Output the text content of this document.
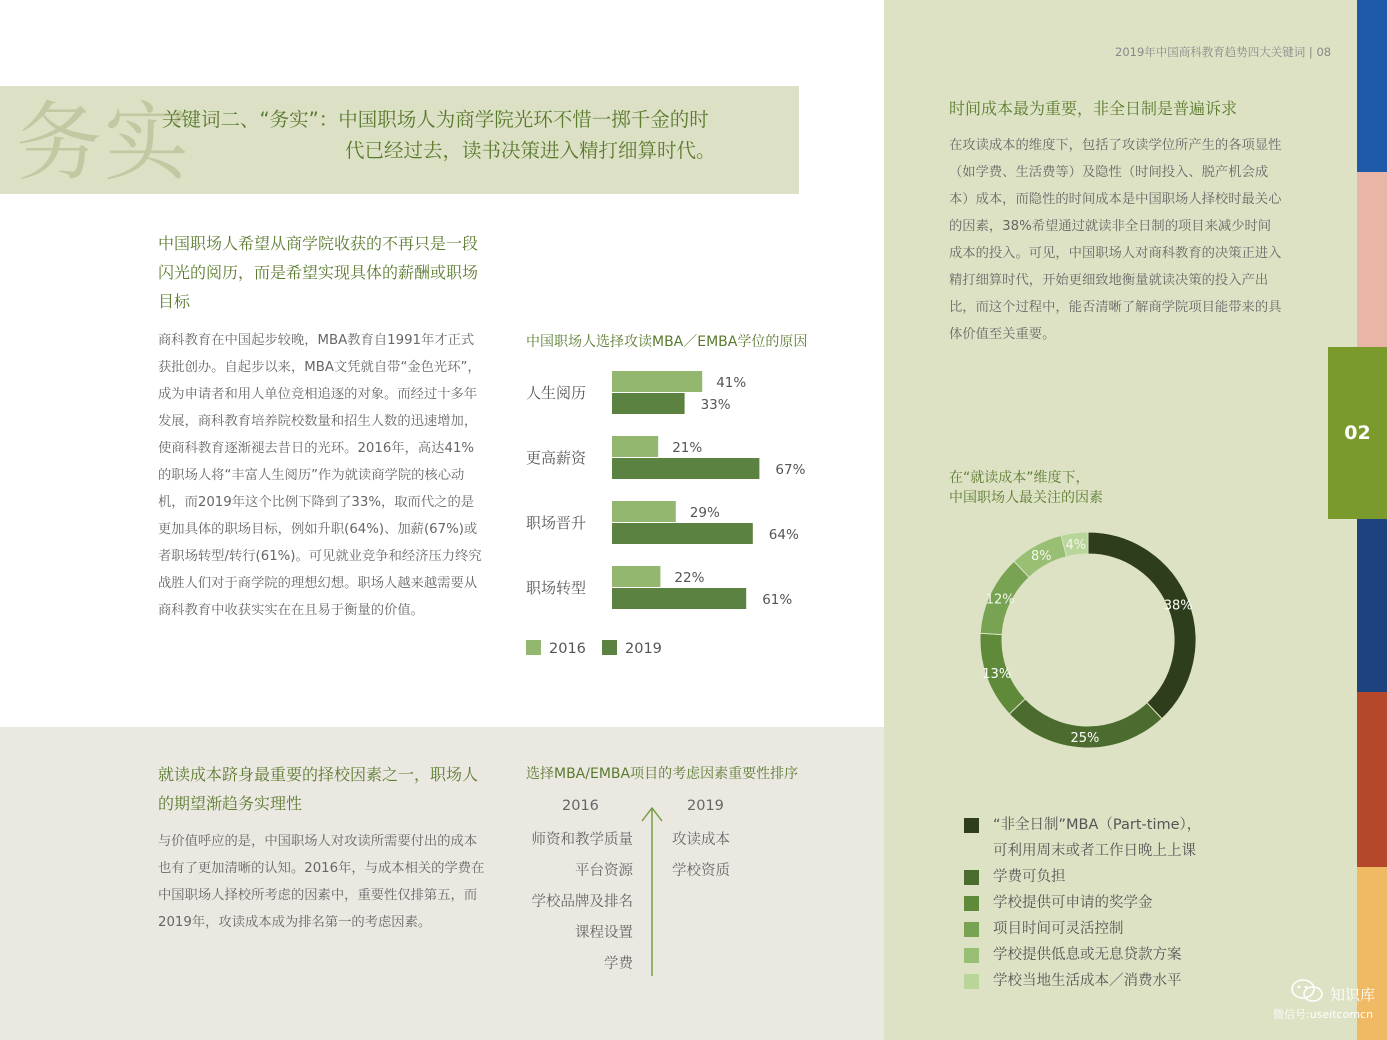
02
2019年中国商科教育趋势四大关键词 | 08
务实
关键词二、“务实”：中国职场人为商学院光环不惜一掷千金的时
代已经过去，读书决策进入精打细算时代。
中国职场人希望从商学院收获的不再只是一段闪光的阅历，而是希望实现具体的薪酬或职场目标
商科教育在中国起步较晚，MBA教育自1991年才正式获批创办。自起步以来，MBA文凭就自带“金色光环”，成为申请者和用人单位竞相追逐的对象。而经过十多年发展，商科教育培养院校数量和招生人数的迅速增加，使商科教育逐渐褪去昔日的光环。2016年，高达41%的职场人将“丰富人生阅历”作为就读商学院的核心动机，而2019年这个比例下降到了33%，取而代之的是更加具体的职场目标，例如升职(64%)、加薪(67%)或者职场转型/转行(61%)。可见就业竞争和经济压力终究战胜人们对于商学院的理想幻想。职场人越来越需要从商科教育中收获实实在在且易于衡量的价值。
中国职场人选择攻读MBA／EMBA学位的原因
人生阅历
41%
33%
更高薪资
21%
67%
职场晋升
29%
64%
职场转型
22%
61%
2016	2019
就读成本跻身最重要的择校因素之一，职场人的期望渐趋务实理性
与价值呼应的是，中国职场人对攻读所需要付出的成本也有了更加清晰的认知。2016年，与成本相关的学费在中国职场人择校所考虑的因素中，重要性仅排第五，而2019年，攻读成本成为排名第一的考虑因素。
选择MBA/EMBA项目的考虑因素重要性排序
2016	2019
师资和教学质量
平台资源
学校品牌及排名
课程设置
学费
攻读成本
学校资质
时间成本最为重要，非全日制是普遍诉求
在攻读成本的维度下，包括了攻读学位所产生的各项显性（如学费、生活费等）及隐性（时间投入、脱产机会成本）成本，而隐性的时间成本是中国职场人择校时最关心的因素，38%希望通过就读非全日制的项目来减少时间成本的投入。可见，中国职场人对商科教育的决策正进入精打细算时代，开始更细致地衡量就读决策的投入产出比，而这个过程中，能否清晰了解商学院项目能带来的具体价值至关重要。
在“就读成本”维度下，
中国职场人最关注的因素
38%
25%
13%
12%
8%
4%
“非全日制”MBA（Part-time），
可利用周末或者工作日晚上上课
学费可负担
学校提供可申请的奖学金
项目时间可灵活控制
学校提供低息或无息贷款方案
学校当地生活成本／消费水平
知识库
微信号:useitcomcn
